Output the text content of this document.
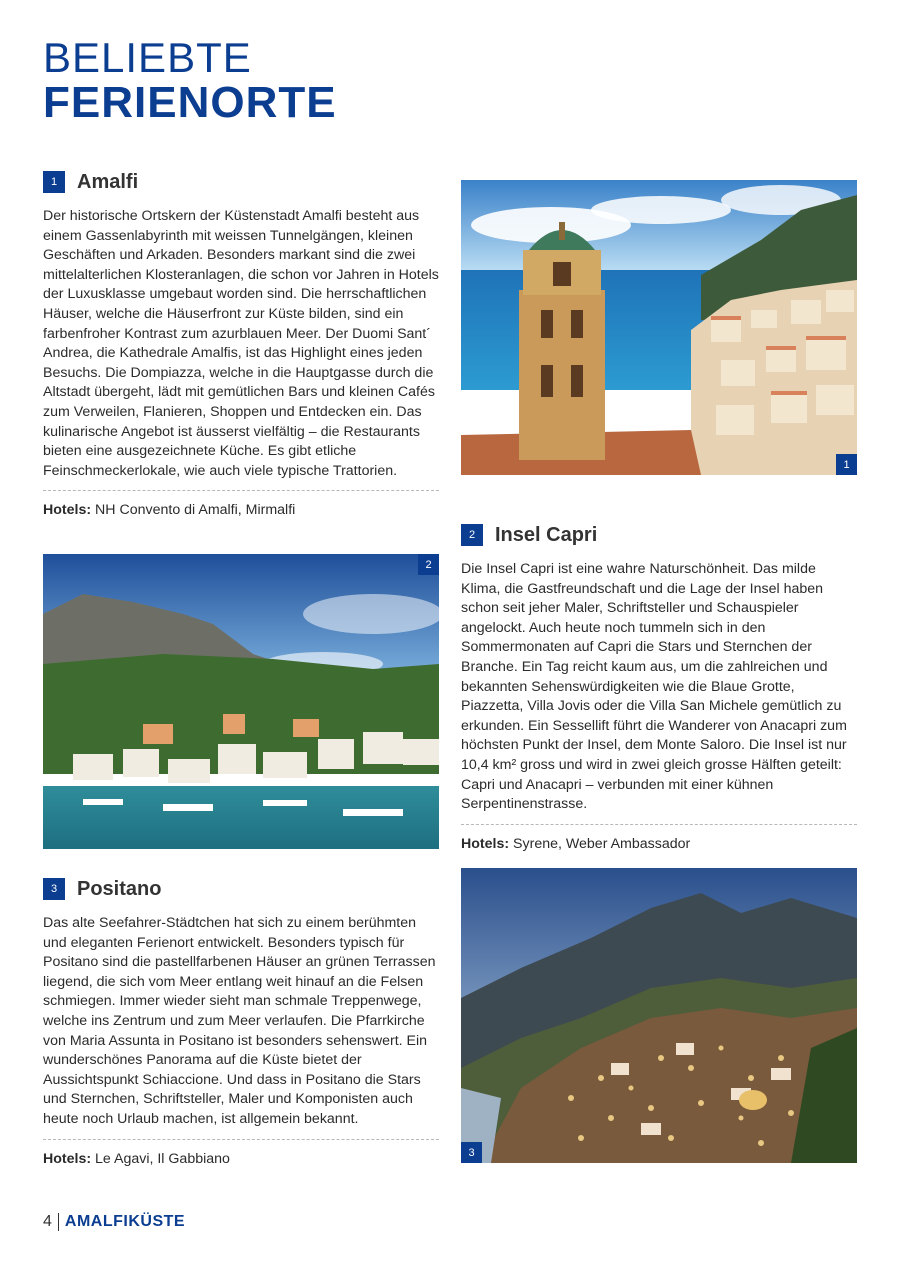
BELIEBTE
FERIENORTE
1 Amalfi
Der historische Ortskern der Küstenstadt Amalfi besteht aus einem Gassenlabyrinth mit weissen Tunnelgängen, kleinen Geschäften und Arkaden. Besonders markant sind die zwei mittelalterlichen Klosteranlagen, die schon vor Jahren in Hotels der Luxusklasse umgebaut worden sind. Die herrschaftlichen Häuser, welche die Häuserfront zur Küste bilden, sind ein farbenfroher Kontrast zum azurblauen Meer. Der Duomi Sant´ Andrea, die Kathedrale Amalfis, ist das Highlight eines jeden Besuchs. Die Dompiazza, welche in die Hauptgasse durch die Altstadt übergeht, lädt mit gemütlichen Bars und kleinen Cafés zum Verweilen, Flanieren, Shoppen und Entdecken ein. Das kulinarische Angebot ist äusserst vielfältig – die Restaurants bieten eine ausgezeichnete Küche. Es gibt etliche Feinschmeckerlokale, wie auch viele typische Trattorien.
Hotels: NH Convento di Amalfi, Mirmalfi
1
2
2 Insel Capri
Die Insel Capri ist eine wahre Naturschönheit. Das milde Klima, die Gastfreundschaft und die Lage der Insel haben schon seit jeher Maler, Schriftsteller und Schauspieler angelockt. Auch heute noch tummeln sich in den Sommermonaten auf Capri die Stars und Sternchen der Branche. Ein Tag reicht kaum aus, um die zahlreichen und bekannten Sehenswürdigkeiten wie die Blaue Grotte, Piazzetta, Villa Jovis oder die Villa San Michele gemütlich zu erkunden. Ein Sessellift führt die Wanderer von Anacapri zum höchsten Punkt der Insel, dem Monte Saloro. Die Insel ist nur 10,4 km² gross und wird in zwei gleich grosse Hälften geteilt: Capri und Anacapri – verbunden mit einer kühnen Serpentinenstrasse.
Hotels: Syrene, Weber Ambassador
3 Positano
Das alte Seefahrer-Städtchen hat sich zu einem berühmten und eleganten Ferienort entwickelt. Besonders typisch für Positano sind die pastellfarbenen Häuser an grünen Terrassen liegend, die sich vom Meer entlang weit hinauf an die Felsen schmiegen. Immer wieder sieht man schmale Treppenwege, welche ins Zentrum und zum Meer verlaufen. Die Pfarrkirche von Maria Assunta in Positano ist besonders sehenswert. Ein wunderschönes Panorama auf die Küste bietet der Aussichtspunkt Schiaccione. Und dass in Positano die Stars und Sternchen, Schriftsteller, Maler und Komponisten auch heute noch Urlaub machen, ist allgemein bekannt.
Hotels: Le Agavi, Il Gabbiano	3
4 AMALFIKÜSTE
